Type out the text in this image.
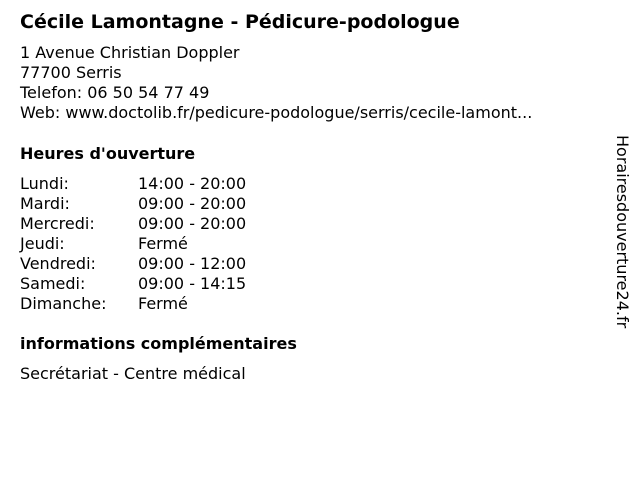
Cécile Lamontagne - Pédicure-podologue
1 Avenue Christian Doppler
77700 Serris
Telefon: 06 50 54 77 49
Web: www.doctolib.fr/pedicure-podologue/serris/cecile-lamont...
Heures d'ouverture
Lundi:	14:00 - 20:00
Mardi:	09:00 - 20:00
Mercredi:	09:00 - 20:00
Jeudi:	Fermé
Vendredi:	09:00 - 12:00
Samedi:	09:00 - 14:15
Dimanche: Fermé
informations complémentaires
Secrétariat - Centre médical
Horairesdouverture24.fr
